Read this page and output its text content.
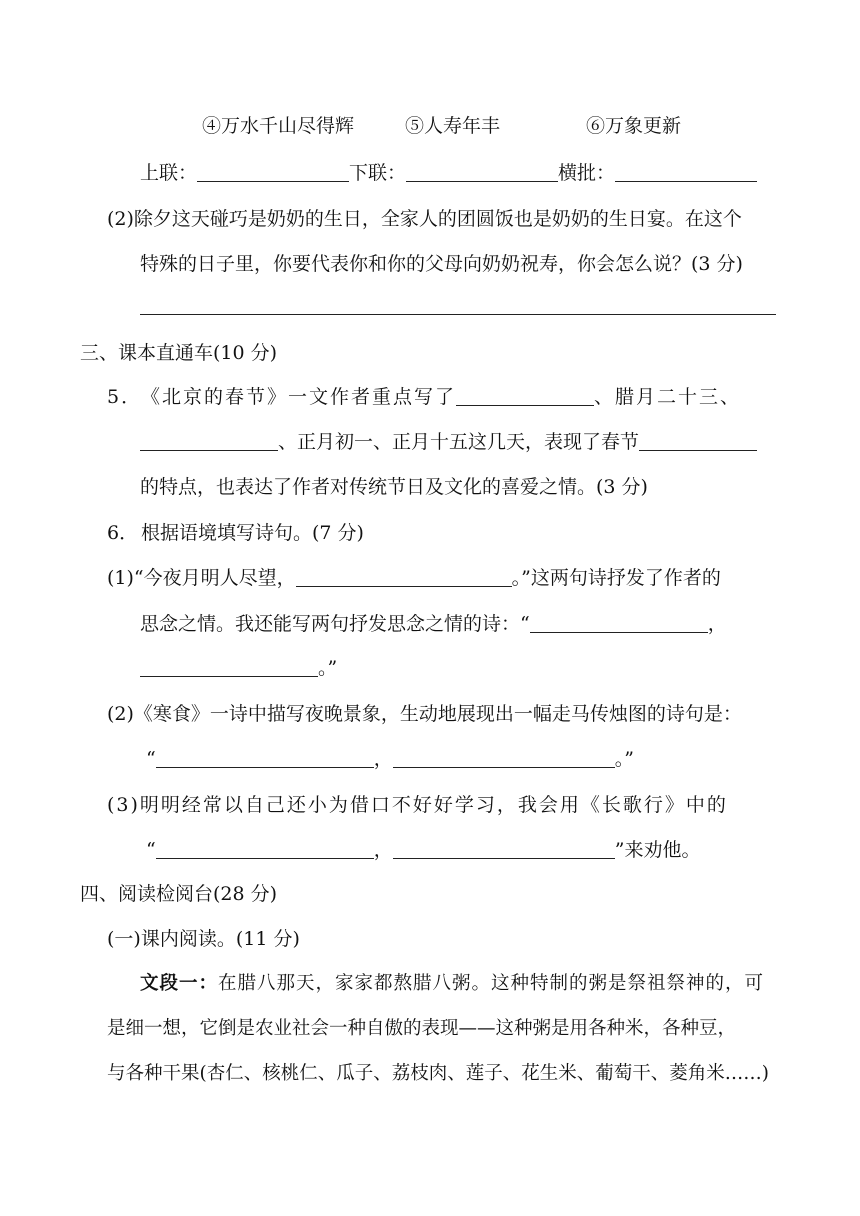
④万水千山尽得辉	⑤人寿年丰	⑥万象更新
上联：	下联：	横批：
(2)除夕这天碰巧是奶奶的生日，全家人的团圆饭也是奶奶的生日宴。在这个
特殊的日子里，你要代表你和你的父母向奶奶祝寿，你会怎么说？(3 分)
三、课本直通车(10 分)
5．《北京的春节》一文作者重点写了	、腊月二十三、
、正月初一、正月十五这几天，表现了春节
的特点，也表达了作者对传统节日及文化的喜爱之情。(3 分)
6． 根据语境填写诗句。(7 分)
(1)“今夜月明人尽望，	。”这两句诗抒发了作者的
思念之情。我还能写两句抒发思念之情的诗：“	，
。”
(2)《寒食》一诗中描写夜晚景象，生动地展现出一幅走马传烛图的诗句是：
“	，	。”
(3)明明经常以自己还小为借口不好好学习，我会用《长歌行》中的
“	，	”来劝他。
四、阅读检阅台(28 分)
(一)课内阅读。(11 分)
文段一：在腊八那天，家家都熬腊八粥。这种特制的粥是祭祖祭神的，可
是细一想，它倒是农业社会一种自傲的表现——这种粥是用各种米，各种豆，
与各种干果(杏仁、核桃仁、瓜子、荔枝肉、莲子、花生米、葡萄干、菱角米……)
